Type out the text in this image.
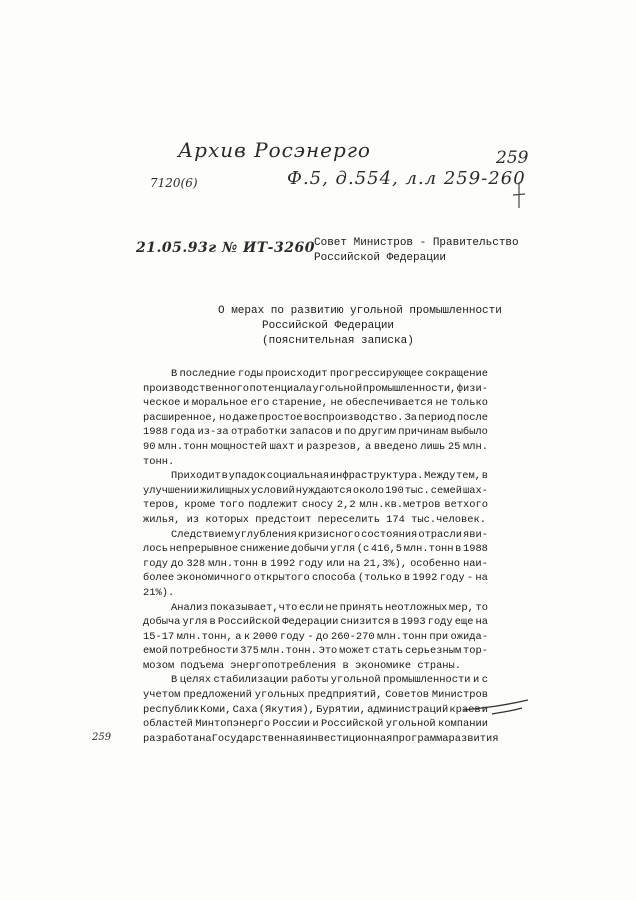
Архив Росэнерго
Ф.5, д.554, л.л 259-260
259
7120(6)
21.05.93г № ИТ-3260 Совет Министров - Правительство
Российской Федерации
О мерах по развитию угольной промышленности
Российской Федерации
(пояснительная записка)
В последние годы происходит прогрессирующее сокращение
производственного потенциала угольной промышленности, физи-
ческое и моральное его старение, не обеспечивается не только
расширенное, но даже простое воспроизводство. За период после
1988 года из-за отработки запасов и по другим причинам выбыло
90 млн.тонн мощностей шахт и разрезов, а введено лишь 25 млн.
тонн.
Приходит в упадок социальная инфраструктура. Между тем, в
улучшении жилищных условий нуждаются около 190 тыс. семей шах-
теров, кроме того подлежит сносу 2,2 млн.кв.метров ветхого
жилья, из которых предстоит переселить 174 тыс.человек.
Следствием углубления кризисного состояния отрасли яви-
лось непрерывное снижение добычи угля (с 416,5 млн.тонн в 1988
году до 328 млн.тонн в 1992 году или на 21,3%), особенно наи-
более экономичного открытого способа (только в 1992 году - на
21%).
Анализ показывает,что если не принять неотложных мер, то
добыча угля в Российской Федерации снизится в 1993 году еще на
15-17 млн.тонн, а к 2000 году - до 260-270 млн.тонн при ожида-
емой потребности 375 млн.тонн. Это может стать серьезным тор-
мозом подъема энергопотребления в экономике страны.
В целях стабилизации работы угольной промышленности и с
учетом предложений угольных предприятий, Советов Министров
республик Коми, Саха (Якутия), Бурятии, администраций краев и
областей Минтопэнерго России и Российской угольной компании
разработана Государственная инвестиционная программа развития
259
